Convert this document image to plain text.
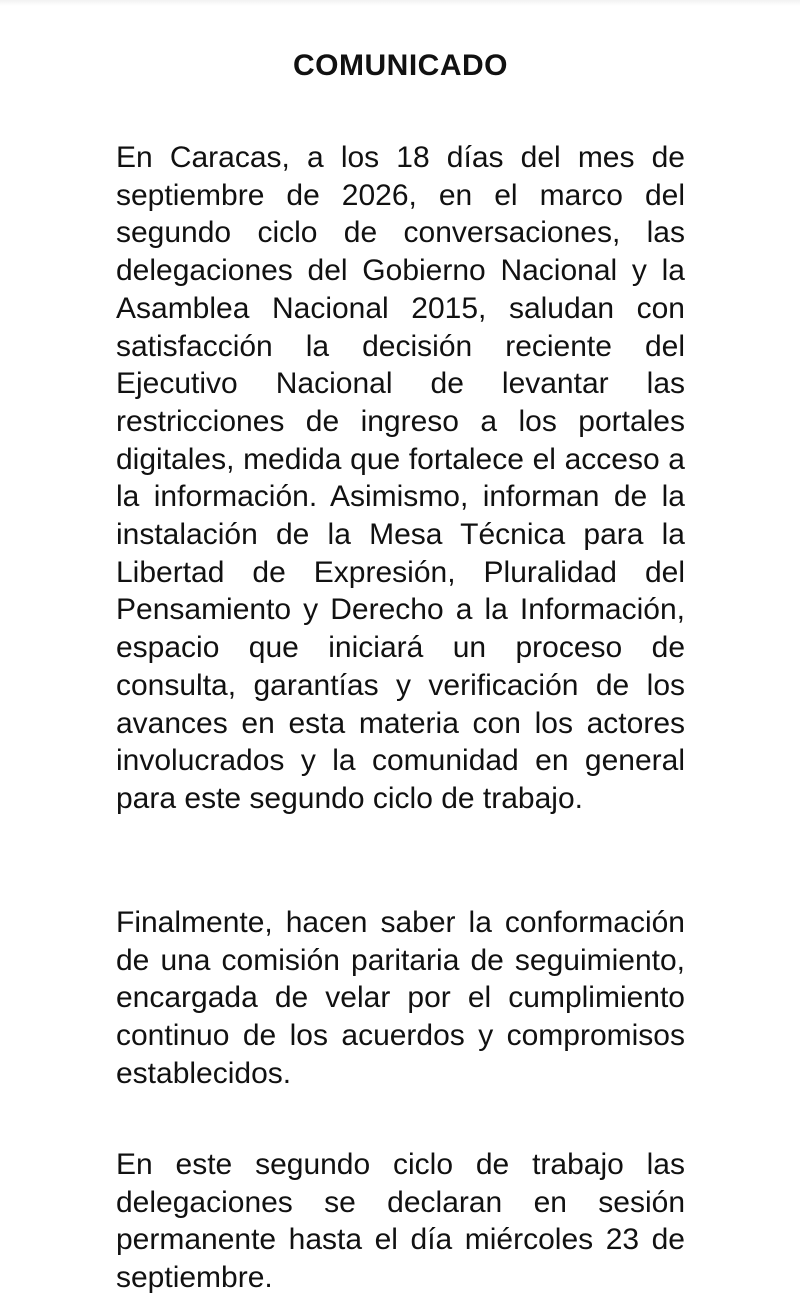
COMUNICADO

En Caracas, a los 18 días del mes de septiembre de 2026, en el marco del segundo ciclo de conversaciones, las delegaciones del Gobierno Nacional y la Asamblea Nacional 2015, saludan con satisfacción la decisión reciente del Ejecutivo Nacional de levantar las restricciones de ingreso a los portales digitales, medida que fortalece el acceso a la información. Asimismo, informan de la instalación de la Mesa Técnica para la Libertad de Expresión, Pluralidad del Pensamiento y Derecho a la Información, espacio que iniciará un proceso de consulta, garantías y verificación de los avances en esta materia con los actores involucrados y la comunidad en general para este segundo ciclo de trabajo.

Finalmente, hacen saber la conformación de una comisión paritaria de seguimiento, encargada de velar por el cumplimiento continuo de los acuerdos y compromisos establecidos.

En este segundo ciclo de trabajo las delegaciones se declaran en sesión permanente hasta el día miércoles 23 de septiembre.
